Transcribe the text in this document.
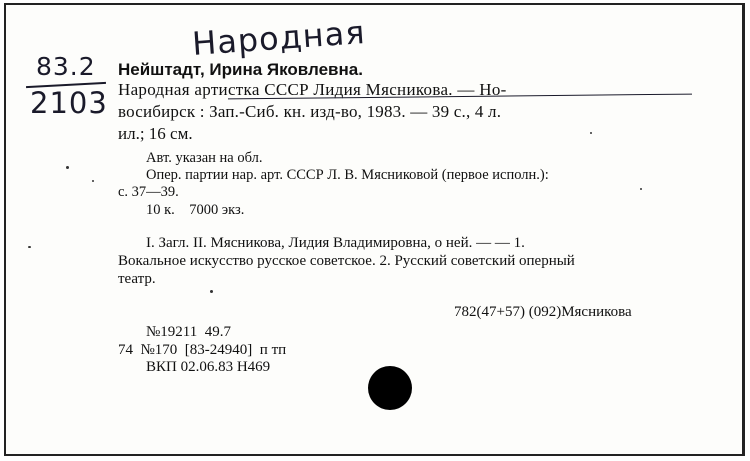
Народная
83.2
2103
Нейштадт, Ирина Яковлевна.
Народная артистка СССР Лидия Мясникова. — Но-
восибирск : Зап.-Сиб. кн. изд-во, 1983. — 39 с., 4 л.
ил.; 16 см.
Авт. указан на обл.
Опер. партии нар. арт. СССР Л. В. Мясниковой (первое исполн.):
с. 37—39.
10 к.    7000 экз.
I. Загл. II. Мясникова, Лидия Владимировна, о ней. — — 1.
Вокальное искусство русское советское. 2. Русский советский оперный
театр.
782(47+57) (092)Мясникова
№19211  49.7
74  №170  [83-24940]  п тп
ВКП 02.06.83 Н469
